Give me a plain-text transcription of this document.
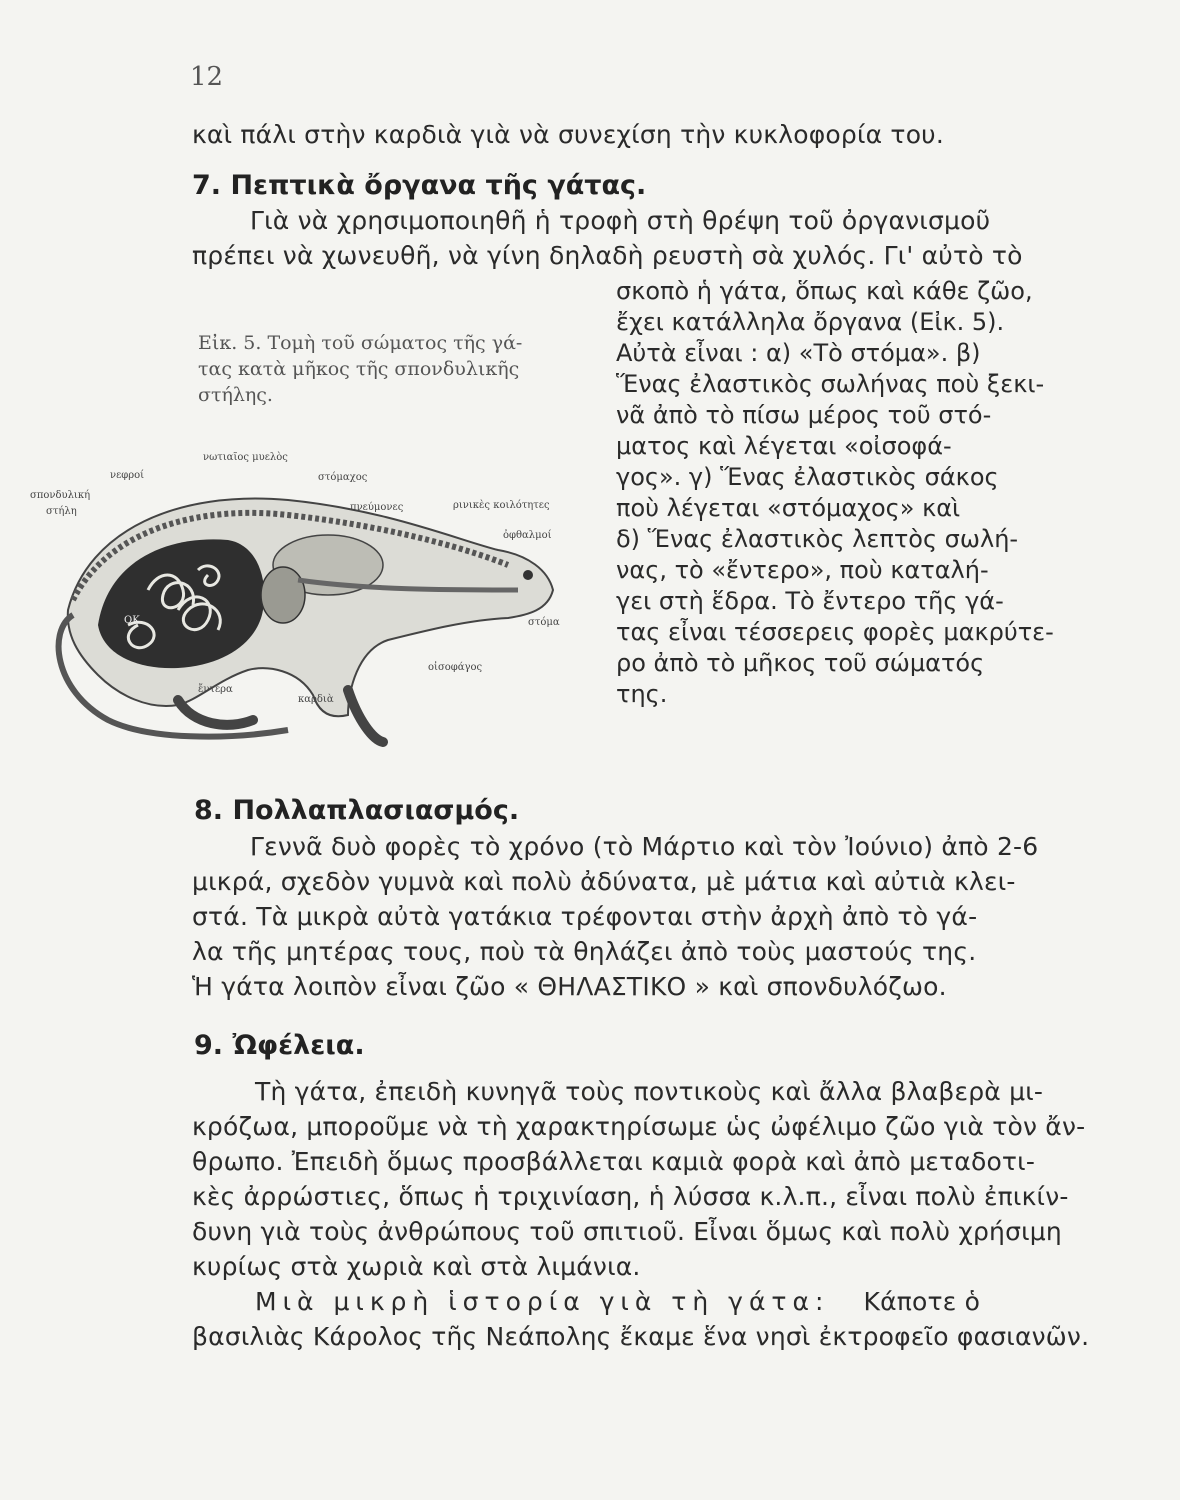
12
καὶ πάλι στὴν καρδιὰ γιὰ νὰ συνεχίση τὴν κυκλοφορία του.
7. Πεπτικὰ ὄργανα τῆς γάτας.
Γιὰ νὰ χρησιμοποιηθῆ ἡ τροφὴ στὴ θρέψη τοῦ ὀργανισμοῦ
πρέπει νὰ χωνευθῆ, νὰ γίνη δηλαδὴ ρευστὴ σὰ χυλός. Γι' αὐτὸ τὸ
σκοπὸ ἡ γάτα, ὅπως καὶ κάθε ζῶο,
ἔχει κατάλληλα ὄργανα (Εἰκ. 5).
Αὐτὰ εἶναι : α) «Τὸ στόμα». β)
Ἕνας ἐλαστικὸς σωλήνας ποὺ ξεκι-
νᾶ ἀπὸ τὸ πίσω μέρος τοῦ στό-
ματος καὶ λέγεται «οἰσοφά-
γος». γ) Ἕνας ἐλαστικὸς σάκος
ποὺ λέγεται «στόμαχος» καὶ
δ) Ἕνας ἐλαστικὸς λεπτὸς σωλή-
νας, τὸ «ἔντερο», ποὺ καταλή-
γει στὴ ἕδρα. Τὸ ἔντερο τῆς γά-
τας εἶναι τέσσερεις φορὲς μακρύτε-
ρο ἀπὸ τὸ μῆκος τοῦ σώματός
της.
Εἰκ. 5. Τομὴ τοῦ σώματος τῆς γά-
τας κατὰ μῆκος τῆς σπονδυλικῆς
στήλης.
νωτιαῖος μυελὸς
στόμαχος
νεφροί
σπονδυλική
στήλη	πνεύμονες	ρινικὲς κοιλότητες
ὀφθαλμοί
στόμα
οἰσοφάγος
ἔντερα
καρδιὰ
ΟΚ
8. Πολλαπλασιασμός.
Γεννᾶ δυὸ φορὲς τὸ χρόνο (τὸ Μάρτιο καὶ τὸν Ἰούνιο) ἀπὸ 2-6
μικρά, σχεδὸν γυμνὰ καὶ πολὺ ἀδύνατα, μὲ μάτια καὶ αὐτιὰ κλει-
στά. Τὰ μικρὰ αὐτὰ γατάκια τρέφονται στὴν ἀρχὴ ἀπὸ τὸ γά-
λα τῆς μητέρας τους, ποὺ τὰ θηλάζει ἀπὸ τοὺς μαστούς της.
Ἡ γάτα λοιπὸν εἶναι ζῶο « ΘΗΛΑΣΤΙΚΟ » καὶ σπονδυλόζωο.
9. Ὠφέλεια.
Τὴ γάτα, ἐπειδὴ κυνηγᾶ τοὺς ποντικοὺς καὶ ἄλλα βλαβερὰ μι-
κρόζωα, μποροῦμε νὰ τὴ χαρακτηρίσωμε ὡς ὠφέλιμο ζῶο γιὰ τὸν ἄν-
θρωπο. Ἐπειδὴ ὅμως προσβάλλεται καμιὰ φορὰ καὶ ἀπὸ μεταδοτι-
κὲς ἀρρώστιες, ὅπως ἡ τριχινίαση, ἡ λύσσα κ.λ.π., εἶναι πολὺ ἐπικίν-
δυνη γιὰ τοὺς ἀνθρώπους τοῦ σπιτιοῦ. Εἶναι ὅμως καὶ πολὺ χρήσιμη
κυρίως στὰ χωριὰ καὶ στὰ λιμάνια.
Μιὰ μικρὴ ἱστορία γιὰ τὴ γάτα: Κάποτε ὁ
βασιλιὰς Κάρολος τῆς Νεάπολης ἔκαμε ἕνα νησὶ ἐκτροφεῖο φασιανῶν.
